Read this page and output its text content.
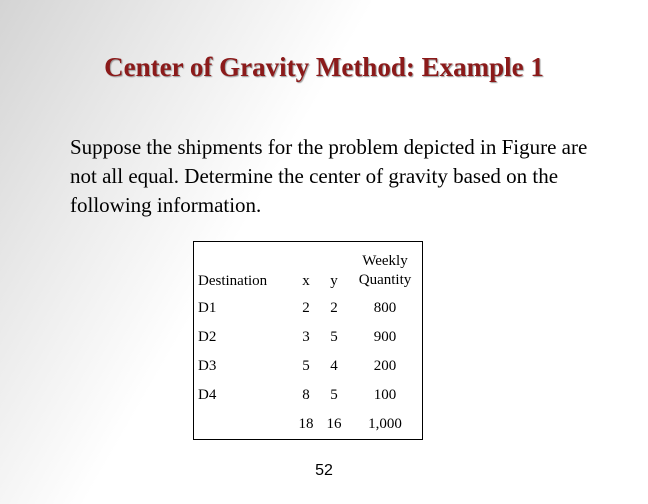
Center of Gravity Method: Example 1
Suppose the shipments for the problem depicted in Figure are not all equal. Determine the center of gravity based on the following information.
Destination	x	y	Weekly Quantity
D1	2	2	800
D2	3	5	900
D3	5	4	200
D4	8	5	100
	18	16	1,000
52
